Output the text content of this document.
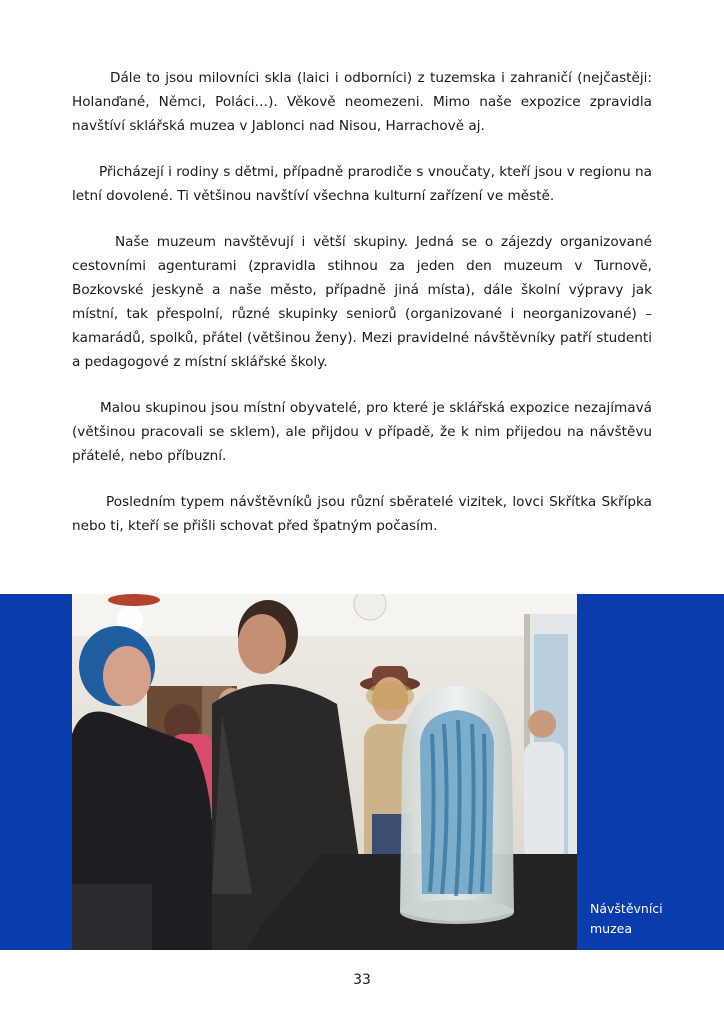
Dále to jsou milovníci skla (laici i odborníci) z tuzemska i zahraničí (nejčastěji: Holanďané, Němci, Poláci…). Věkově neomezeni. Mimo naše expozice zpravidla navštíví sklářská muzea v Jablonci nad Nisou, Harrachově aj.

Přicházejí i rodiny s dětmi, případně prarodiče s vnoučaty, kteří jsou v regionu na letní dovolené. Ti většinou navštíví všechna kulturní zařízení ve městě.

Naše muzeum navštěvují i větší skupiny. Jedná se o zájezdy organizované cestovními agenturami (zpravidla stihnou za jeden den muzeum v Turnově, Bozkovské jeskyně a naše město, případně jiná místa), dále školní výpravy jak místní, tak přespolní, různé skupinky seniorů (organizované i neorganizované) – kamarádů, spolků, přátel (většinou ženy). Mezi pravidelné návštěvníky patří studenti a pedagogové z místní sklářské školy.

Malou skupinou jsou místní obyvatelé, pro které je sklářská expozice nezajímavá (většinou pracovali se sklem), ale přijdou v případě, že k nim přijedou na návštěvu přátelé, nebo příbuzní.

Posledním typem návštěvníků jsou různí sběratelé vizitek, lovci Skřítka Skřípka nebo ti, kteří se přišli schovat před špatným počasím.

Návštěvníci
muzea
33
